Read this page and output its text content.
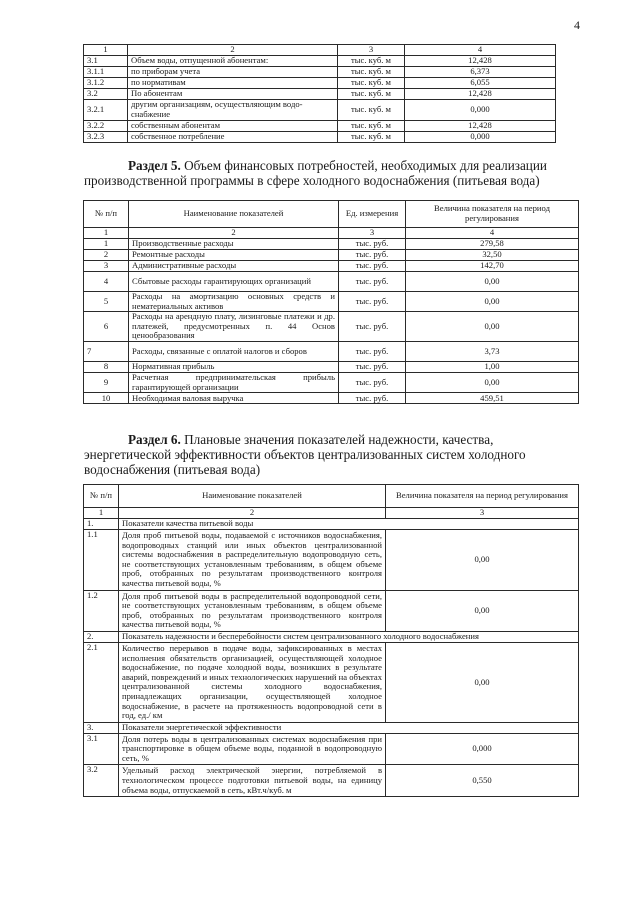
4
1	2	3	4
3.1	Объем воды, отпущенной абонентам:	тыс. куб. м	12,428
3.1.1	по приборам учета	тыс. куб. м	6,373
3.1.2	по нормативам	тыс. куб. м	6,055
3.2	По абонентам	тыс. куб. м	12,428
3.2.1	другим организациям, осуществляющим водо-снабжение	тыс. куб. м	0,000
3.2.2	собственным абонентам	тыс. куб. м	12,428
3.2.3	собственное потребление	тыс. куб. м	0,000
Раздел 5. Объем финансовых потребностей, необходимых для реализации производственной программы в сфере холодного водоснабжения (питьевая вода)
№ п/п	Наименование показателей	Ед. измерения	Величина показателя на период регулирования
1	2	3	4
1	Производственные расходы	тыс. руб.	279,58
2	Ремонтные расходы	тыс. руб.	32,50
3	Административные расходы	тыс. руб.	142,70
4	Сбытовые расходы гарантирующих организаций	тыс. руб.	0,00
5	Расходы на амортизацию основных средств и нематериальных активов	тыс. руб.	0,00
6	Расходы на арендную плату, лизинговые платежи и др. платежей, предусмотренных п. 44 Основ ценообразования	тыс. руб.	0,00
7	Расходы, связанные с оплатой налогов и сборов	тыс. руб.	3,73
8	Нормативная прибыль	тыс. руб.	1,00
9	Расчетная предпринимательская прибыль гарантирующей организации	тыс. руб.	0,00
10	Необходимая валовая выручка	тыс. руб.	459,51
Раздел 6. Плановые значения показателей надежности, качества, энергетической эффективности объектов централизованных систем холодного водоснабжения (питьевая вода)
№ п/п	Наименование показателей	Величина показателя на период регулирования
1	2	3
1.	Показатели качества питьевой воды	
1.1	Доля проб питьевой воды, подаваемой с источников водоснабжения, водопроводных станций или иных объектов централизованной системы водоснабжения в распределительную водопроводную сеть, не соответствующих установленным требованиям, в общем объеме проб, отобранных по результатам производственного контроля качества питьевой воды, %	0,00
1.2	Доля проб питьевой воды в распределительной водопроводной сети, не соответствующих установленным требованиям, в общем объеме проб, отобранных по результатам производственного контроля качества питьевой воды, %	0,00
2.	Показатель надежности и бесперебойности систем централизованного холодного водоснабжения	
2.1	Количество перерывов в подаче воды, зафиксированных в местах исполнения обязательств организацией, осуществляющей холодное водоснабжение, по подаче холодной воды, возникших в результате аварий, повреждений и иных технологических нарушений на объектах централизованной системы холодного водоснабжения, принадлежащих организации, осуществляющей холодное водоснабжение, в расчете на протяженность водопроводной сети в год, ед./ км	0,00
3.	Показатели энергетической эффективности	
3.1	Доля потерь воды в централизованных системах водоснабжения при транспортировке в общем объеме воды, поданной в водопроводную сеть, %	0,000
3.2	Удельный расход электрической энергии, потребляемой в технологическом процессе подготовки питьевой воды, на единицу объема воды, отпускаемой в сеть, кВт.ч/куб. м	0,550
